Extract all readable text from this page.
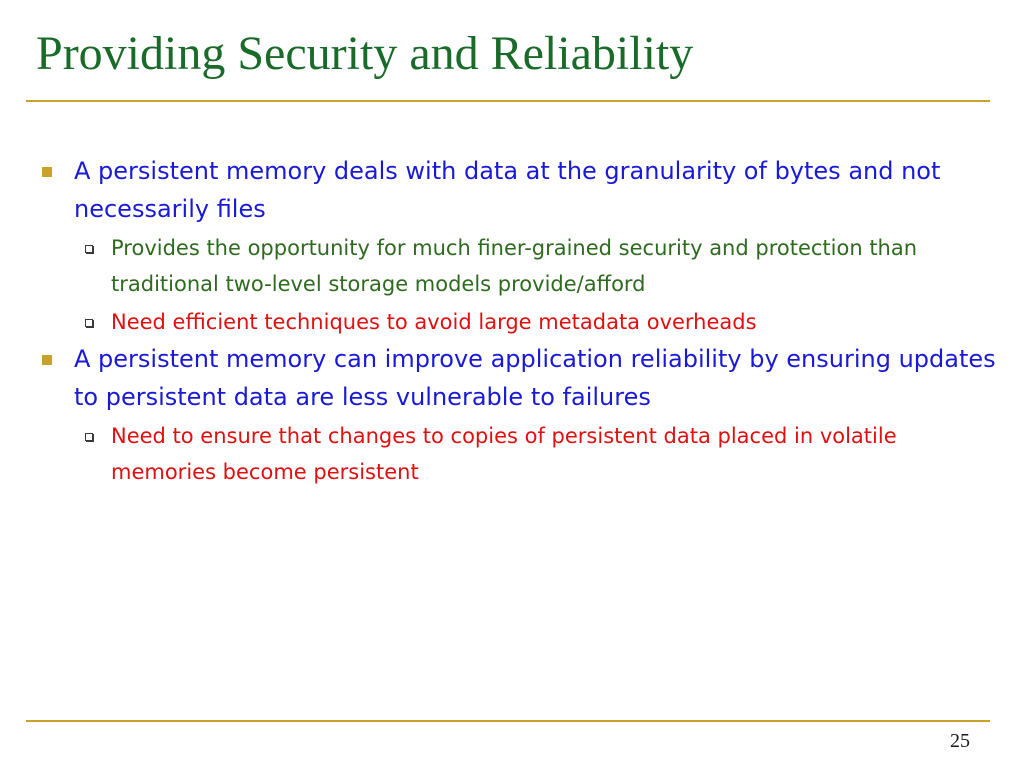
Providing Security and Reliability
A persistent memory deals with data at the granularity of bytes and not necessarily files
Provides the opportunity for much finer-grained security and protection than traditional two-level storage models provide/afford
Need efficient techniques to avoid large metadata overheads
A persistent memory can improve application reliability by ensuring updates to persistent data are less vulnerable to failures
Need to ensure that changes to copies of persistent data placed in volatile memories become persistent
25
